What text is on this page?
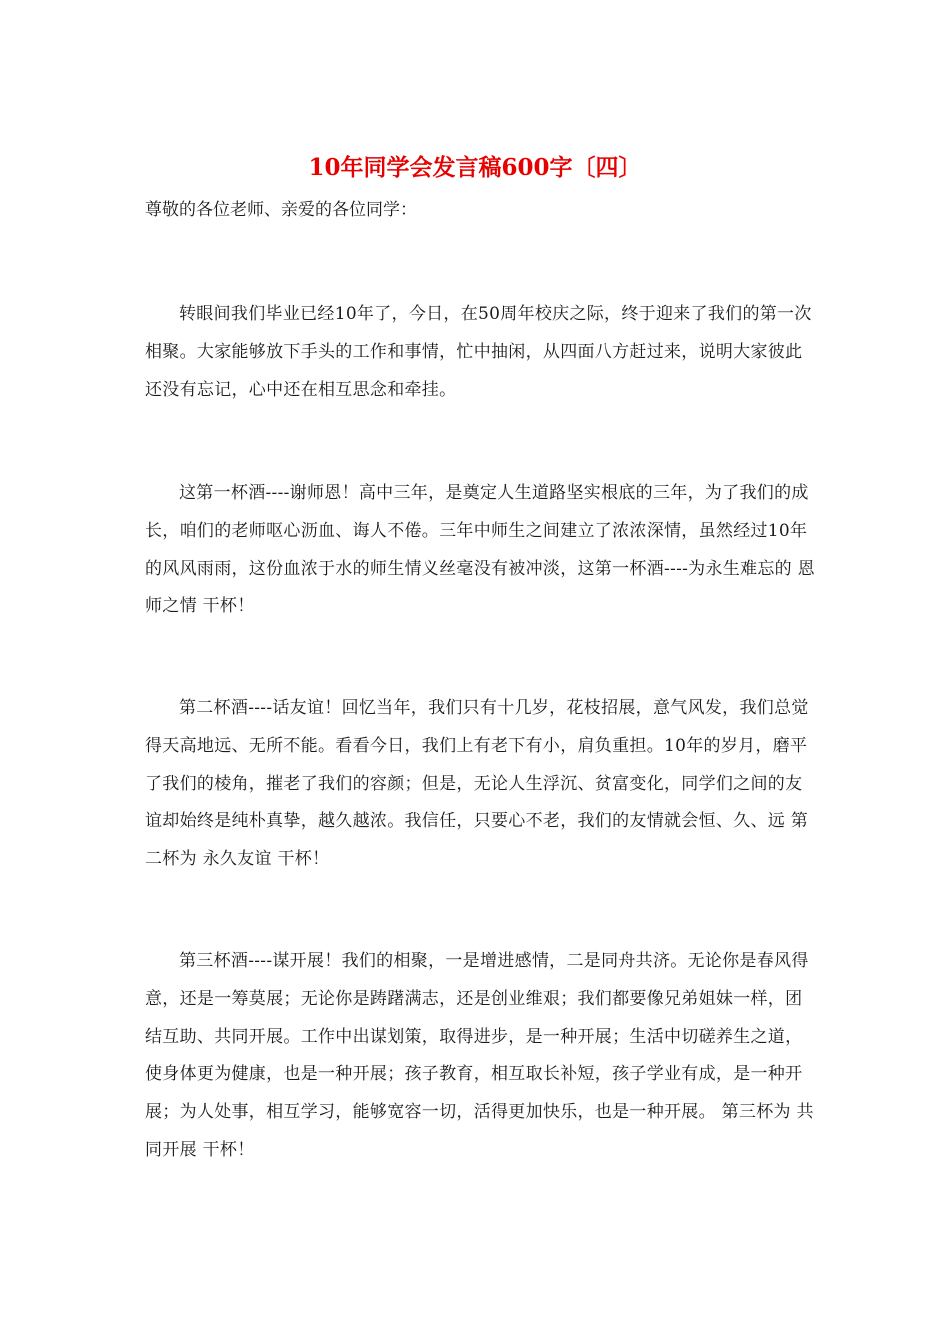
10年同学会发言稿600字〔四〕

尊敬的各位老师、亲爱的各位同学：

转眼间我们毕业已经10年了，今日，在50周年校庆之际，终于迎来了我们的第一次相聚。大家能够放下手头的工作和事情，忙中抽闲，从四面八方赶过来，说明大家彼此还没有忘记，心中还在相互思念和牵挂。

这第一杯酒----谢师恩！高中三年，是奠定人生道路坚实根底的三年，为了我们的成长，咱们的老师呕心沥血、诲人不倦。三年中师生之间建立了浓浓深情，虽然经过10年的风风雨雨，这份血浓于水的师生情义丝毫没有被冲淡，这第一杯酒----为永生难忘的 恩师之情 干杯！

第二杯酒----话友谊！回忆当年，我们只有十几岁，花枝招展，意气风发，我们总觉得天高地远、无所不能。看看今日，我们上有老下有小，肩负重担。10年的岁月，磨平了我们的棱角，摧老了我们的容颜；但是，无论人生浮沉、贫富变化，同学们之间的友谊却始终是纯朴真挚，越久越浓。我信任，只要心不老，我们的友情就会恒、久、远 第二杯为 永久友谊 干杯！

第三杯酒----谋开展！我们的相聚，一是增进感情，二是同舟共济。无论你是春风得意，还是一筹莫展；无论你是踌躇满志，还是创业维艰；我们都要像兄弟姐妹一样，团结互助、共同开展。工作中出谋划策，取得进步，是一种开展；生活中切磋养生之道，使身体更为健康，也是一种开展；孩子教育，相互取长补短，孩子学业有成，是一种开展；为人处事，相互学习，能够宽容一切，活得更加快乐，也是一种开展。 第三杯为 共同开展 干杯！
